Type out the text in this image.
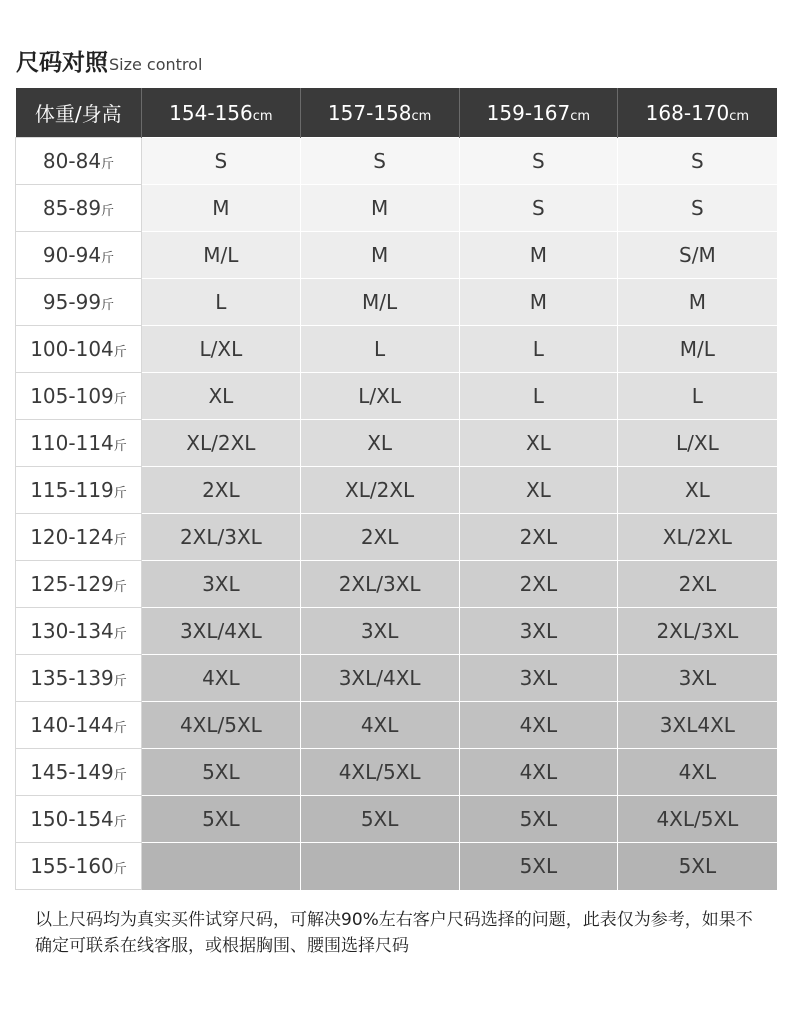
尺码对照 Size control
体重/身高	154-156cm	157-158cm	159-167cm	168-170cm
80-84斤	S	S	S	S
85-89斤	M	M	S	S
90-94斤	M/L	M	M	S/M
95-99斤	L	M/L	M	M
100-104斤	L/XL	L	L	M/L
105-109斤	XL	L/XL	L	L
110-114斤	XL/2XL	XL	XL	L/XL
115-119斤	2XL	XL/2XL	XL	XL
120-124斤	2XL/3XL	2XL	2XL	XL/2XL
125-129斤	3XL	2XL/3XL	2XL	2XL
130-134斤	3XL/4XL	3XL	3XL	2XL/3XL
135-139斤	4XL	3XL/4XL	3XL	3XL
140-144斤	4XL/5XL	4XL	4XL	3XL4XL
145-149斤	5XL	4XL/5XL	4XL	4XL
150-154斤	5XL	5XL	5XL	4XL/5XL
155-160斤			5XL	5XL
以上尺码均为真实买件试穿尺码，可解决90%左右客户尺码选择的问题，此表仅为参考，如果不确定可联系在线客服，或根据胸围、腰围选择尺码
